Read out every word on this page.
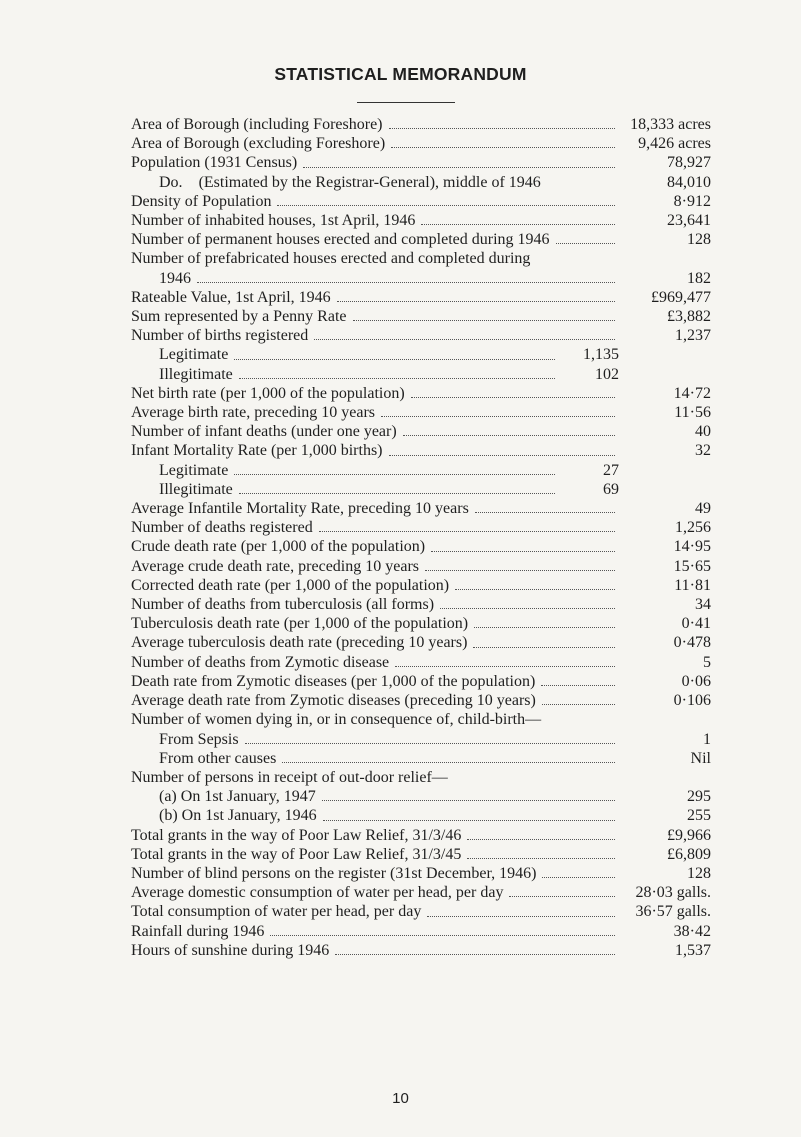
STATISTICAL MEMORANDUM
Area of Borough (including Foreshore)	18,333 acres
Area of Borough (excluding Foreshore)	9,426 acres
Population (1931 Census)	78,927
Do. (Estimated by the Registrar-General), middle of 1946	84,010
Density of Population	8·912
Number of inhabited houses, 1st April, 1946	23,641
Number of permanent houses erected and completed during 1946	128
Number of prefabricated houses erected and completed during
1946	182
Rateable Value, 1st April, 1946	£969,477
Sum represented by a Penny Rate	£3,882
Number of births registered	1,237
Legitimate	1,135
Illegitimate	102
Net birth rate (per 1,000 of the population)	14·72
Average birth rate, preceding 10 years	11·56
Number of infant deaths (under one year)	40
Infant Mortality Rate (per 1,000 births)	32
Legitimate	27
Illegitimate	69
Average Infantile Mortality Rate, preceding 10 years	49
Number of deaths registered	1,256
Crude death rate (per 1,000 of the population)	14·95
Average crude death rate, preceding 10 years	15·65
Corrected death rate (per 1,000 of the population)	11·81
Number of deaths from tuberculosis (all forms)	34
Tuberculosis death rate (per 1,000 of the population)	0·41
Average tuberculosis death rate (preceding 10 years)	0·478
Number of deaths from Zymotic disease	5
Death rate from Zymotic diseases (per 1,000 of the population)	0·06
Average death rate from Zymotic diseases (preceding 10 years)	0·106
Number of women dying in, or in consequence of, child-birth—
From Sepsis	1
From other causes	Nil
Number of persons in receipt of out-door relief—
(a) On 1st January, 1947	295
(b) On 1st January, 1946	255
Total grants in the way of Poor Law Relief, 31/3/46	£9,966
Total grants in the way of Poor Law Relief, 31/3/45	£6,809
Number of blind persons on the register (31st December, 1946)	128
Average domestic consumption of water per head, per day	28·03 galls.
Total consumption of water per head, per day	36·57 galls.
Rainfall during 1946	38·42
Hours of sunshine during 1946	1,537
10
